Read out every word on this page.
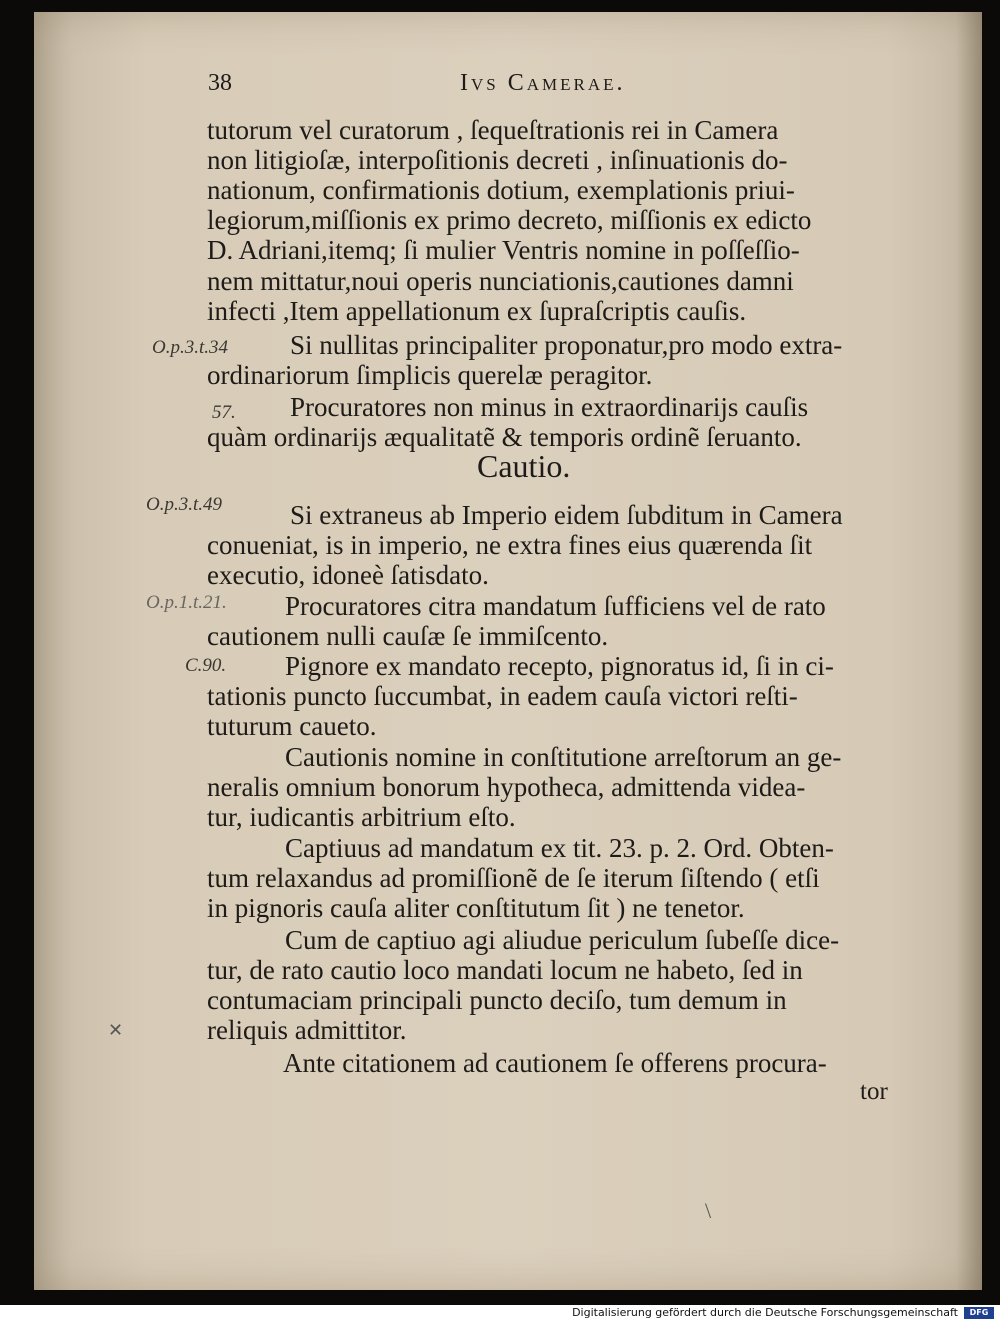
38	Ivs Camerae.
tutorum vel curatorum , ſequeſtrationis rei in Camera
non litigioſæ, interpoſitionis decreti , inſinuationis do-
nationum, confirmationis dotium, exemplationis priui-
legiorum,miſſionis ex primo decreto, miſſionis ex edicto
D. Adriani,itemq; ſi mulier Ventris nomine in poſſeſſio-
nem mittatur,noui operis nunciationis,cautiones damni
infecti ,Item appellationum ex ſupraſcriptis cauſis.
O.p.3.t.34 Si nullitas principaliter proponatur,pro modo extra-
ordinariorum ſimplicis querelæ peragitor.
57. Procuratores non minus in extraordinarijs cauſis
quàm ordinarijs æqualitatẽ & temporis ordinẽ ſeruanto.
Cautio.
O.p.3.t.49	Si extraneus ab Imperio eidem ſubditum in Camera
conueniat, is in imperio, ne extra fines eius quærenda ſit
executio, idoneè ſatisdato.
O.p.1.t.21. Procuratores citra mandatum ſufficiens vel de rato
cautionem nulli cauſæ ſe immiſcento.
C.90. Pignore ex mandato recepto, pignoratus id, ſi in ci-
tationis puncto ſuccumbat, in eadem cauſa victori reſti-
tuturum caueto.
Cautionis nomine in conſtitutione arreſtorum an ge-
neralis omnium bonorum hypotheca, admittenda videa-
tur, iudicantis arbitrium eſto.
Captiuus ad mandatum ex tit. 23. p. 2. Ord. Obten-
tum relaxandus ad promiſſionẽ de ſe iterum ſiſtendo ( etſi
in pignoris cauſa aliter conſtitutum ſit ) ne tenetor.
Cum de captiuo agi aliudue periculum ſubeſſe dice-
tur, de rato cautio loco mandati locum ne habeto, ſed in
contumaciam principali puncto deciſo, tum demum in
reliquis admittitor.
✕
Ante citationem ad cautionem ſe offerens procura-
tor
\
Digitalisierung gefördert durch die Deutsche Forschungsgemeinschaft	DFG
